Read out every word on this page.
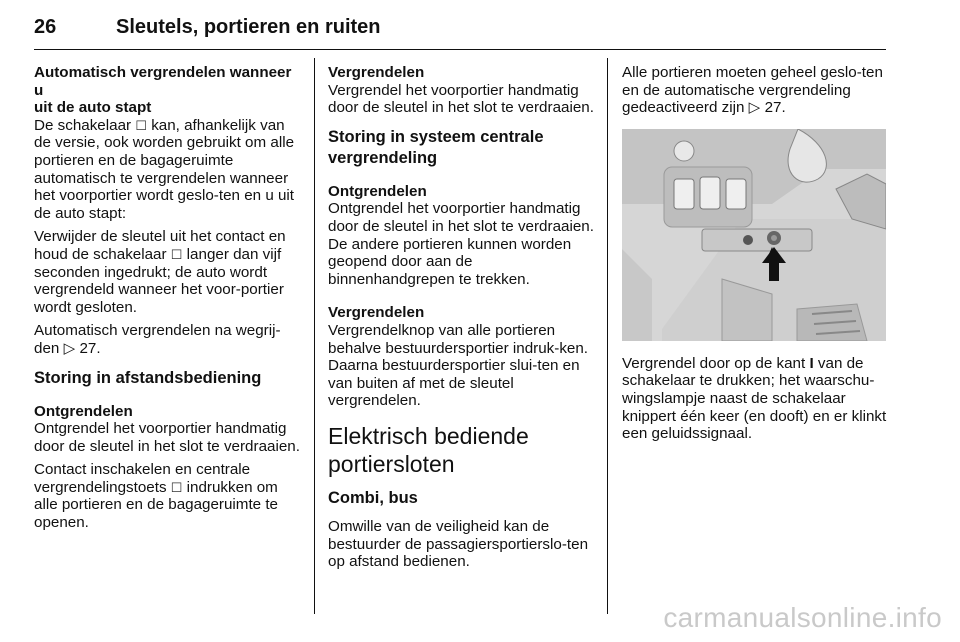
26	Sleutels, portieren en ruiten
Automatisch vergrendelen wanneer u
uit de auto stapt
De schakelaar ☐ kan, afhankelijk van de versie, ook worden gebruikt om alle portieren en de bagageruimte automatisch te vergrendelen wanneer het voorportier wordt geslo-ten en u uit de auto stapt:
Verwijder de sleutel uit het contact en houd de schakelaar ☐ langer dan vijf seconden ingedrukt; de auto wordt vergrendeld wanneer het voor-portier wordt gesloten.
Automatisch vergrendelen na wegrij-den ▷ 27.
Storing in afstandsbediening
Ontgrendelen
Ontgrendel het voorportier handmatig door de sleutel in het slot te verdraaien.
Contact inschakelen en centrale vergrendelingstoets ☐ indrukken om alle portieren en de bagageruimte te openen.
Vergrendelen
Vergrendel het voorportier handmatig door de sleutel in het slot te verdraaien.
Storing in systeem centrale vergrendeling
Ontgrendelen
Ontgrendel het voorportier handmatig door de sleutel in het slot te verdraaien. De andere portieren kunnen worden geopend door aan de binnenhandgrepen te trekken.
Vergrendelen
Vergrendelknop van alle portieren behalve bestuurdersportier indruk-ken. Daarna bestuurdersportier slui-ten en van buiten af met de sleutel vergrendelen.
Elektrisch bediende portiersloten
Combi, bus
Omwille van de veiligheid kan de bestuurder de passagiersportierslo-ten op afstand bedienen.
Alle portieren moeten geheel geslo-ten en de automatische vergrendeling gedeactiveerd zijn ▷ 27.
Vergrendel door op de kant I van de schakelaar te drukken; het waarschu-wingslampje naast de schakelaar knippert één keer (en dooft) en er klinkt een geluidssignaal.
carmanualsonline.info
